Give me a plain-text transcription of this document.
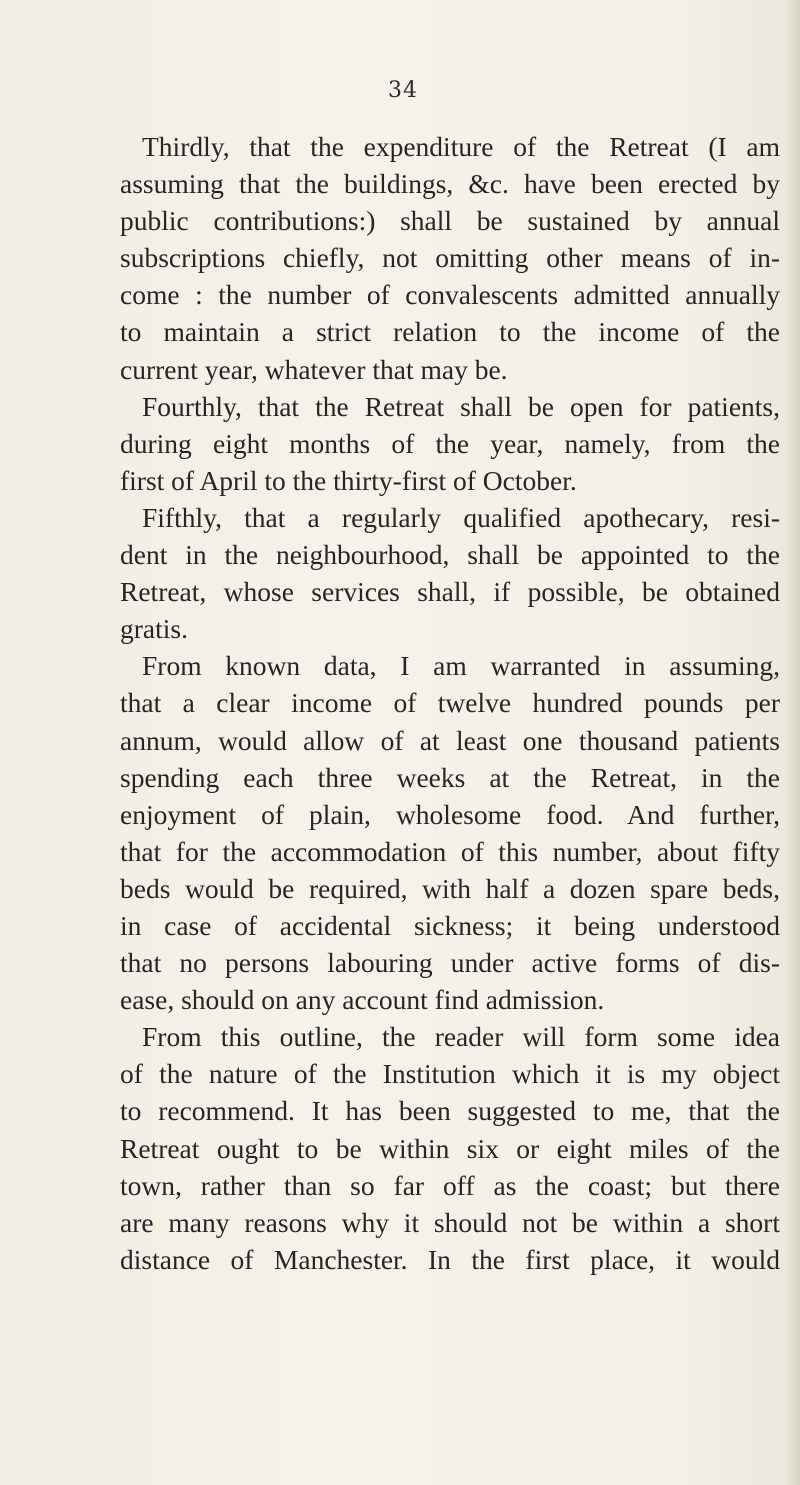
34

Thirdly, that the expenditure of the Retreat (I am

assuming that the buildings, &c. have been erected by

public contributions:) shall be sustained by annual

subscriptions chiefly, not omitting other means of in-

come : the number of convalescents admitted annually

to maintain a strict relation to the income of the

current year, whatever that may be.

Fourthly, that the Retreat shall be open for patients,

during eight months of the year, namely, from the

first of April to the thirty-first of October.

Fifthly, that a regularly qualified apothecary, resi-

dent in the neighbourhood, shall be appointed to the

Retreat, whose services shall, if possible, be obtained

gratis.

From known data, I am warranted in assuming,

that a clear income of twelve hundred pounds per

annum, would allow of at least one thousand patients

spending each three weeks at the Retreat, in the

enjoyment of plain, wholesome food. And further,

that for the accommodation of this number, about fifty

beds would be required, with half a dozen spare beds,

in case of accidental sickness; it being understood

that no persons labouring under active forms of dis-

ease, should on any account find admission.

From this outline, the reader will form some idea

of the nature of the Institution which it is my object

to recommend. It has been suggested to me, that the

Retreat ought to be within six or eight miles of the

town, rather than so far off as the coast; but there

are many reasons why it should not be within a short

distance of Manchester. In the first place, it would
